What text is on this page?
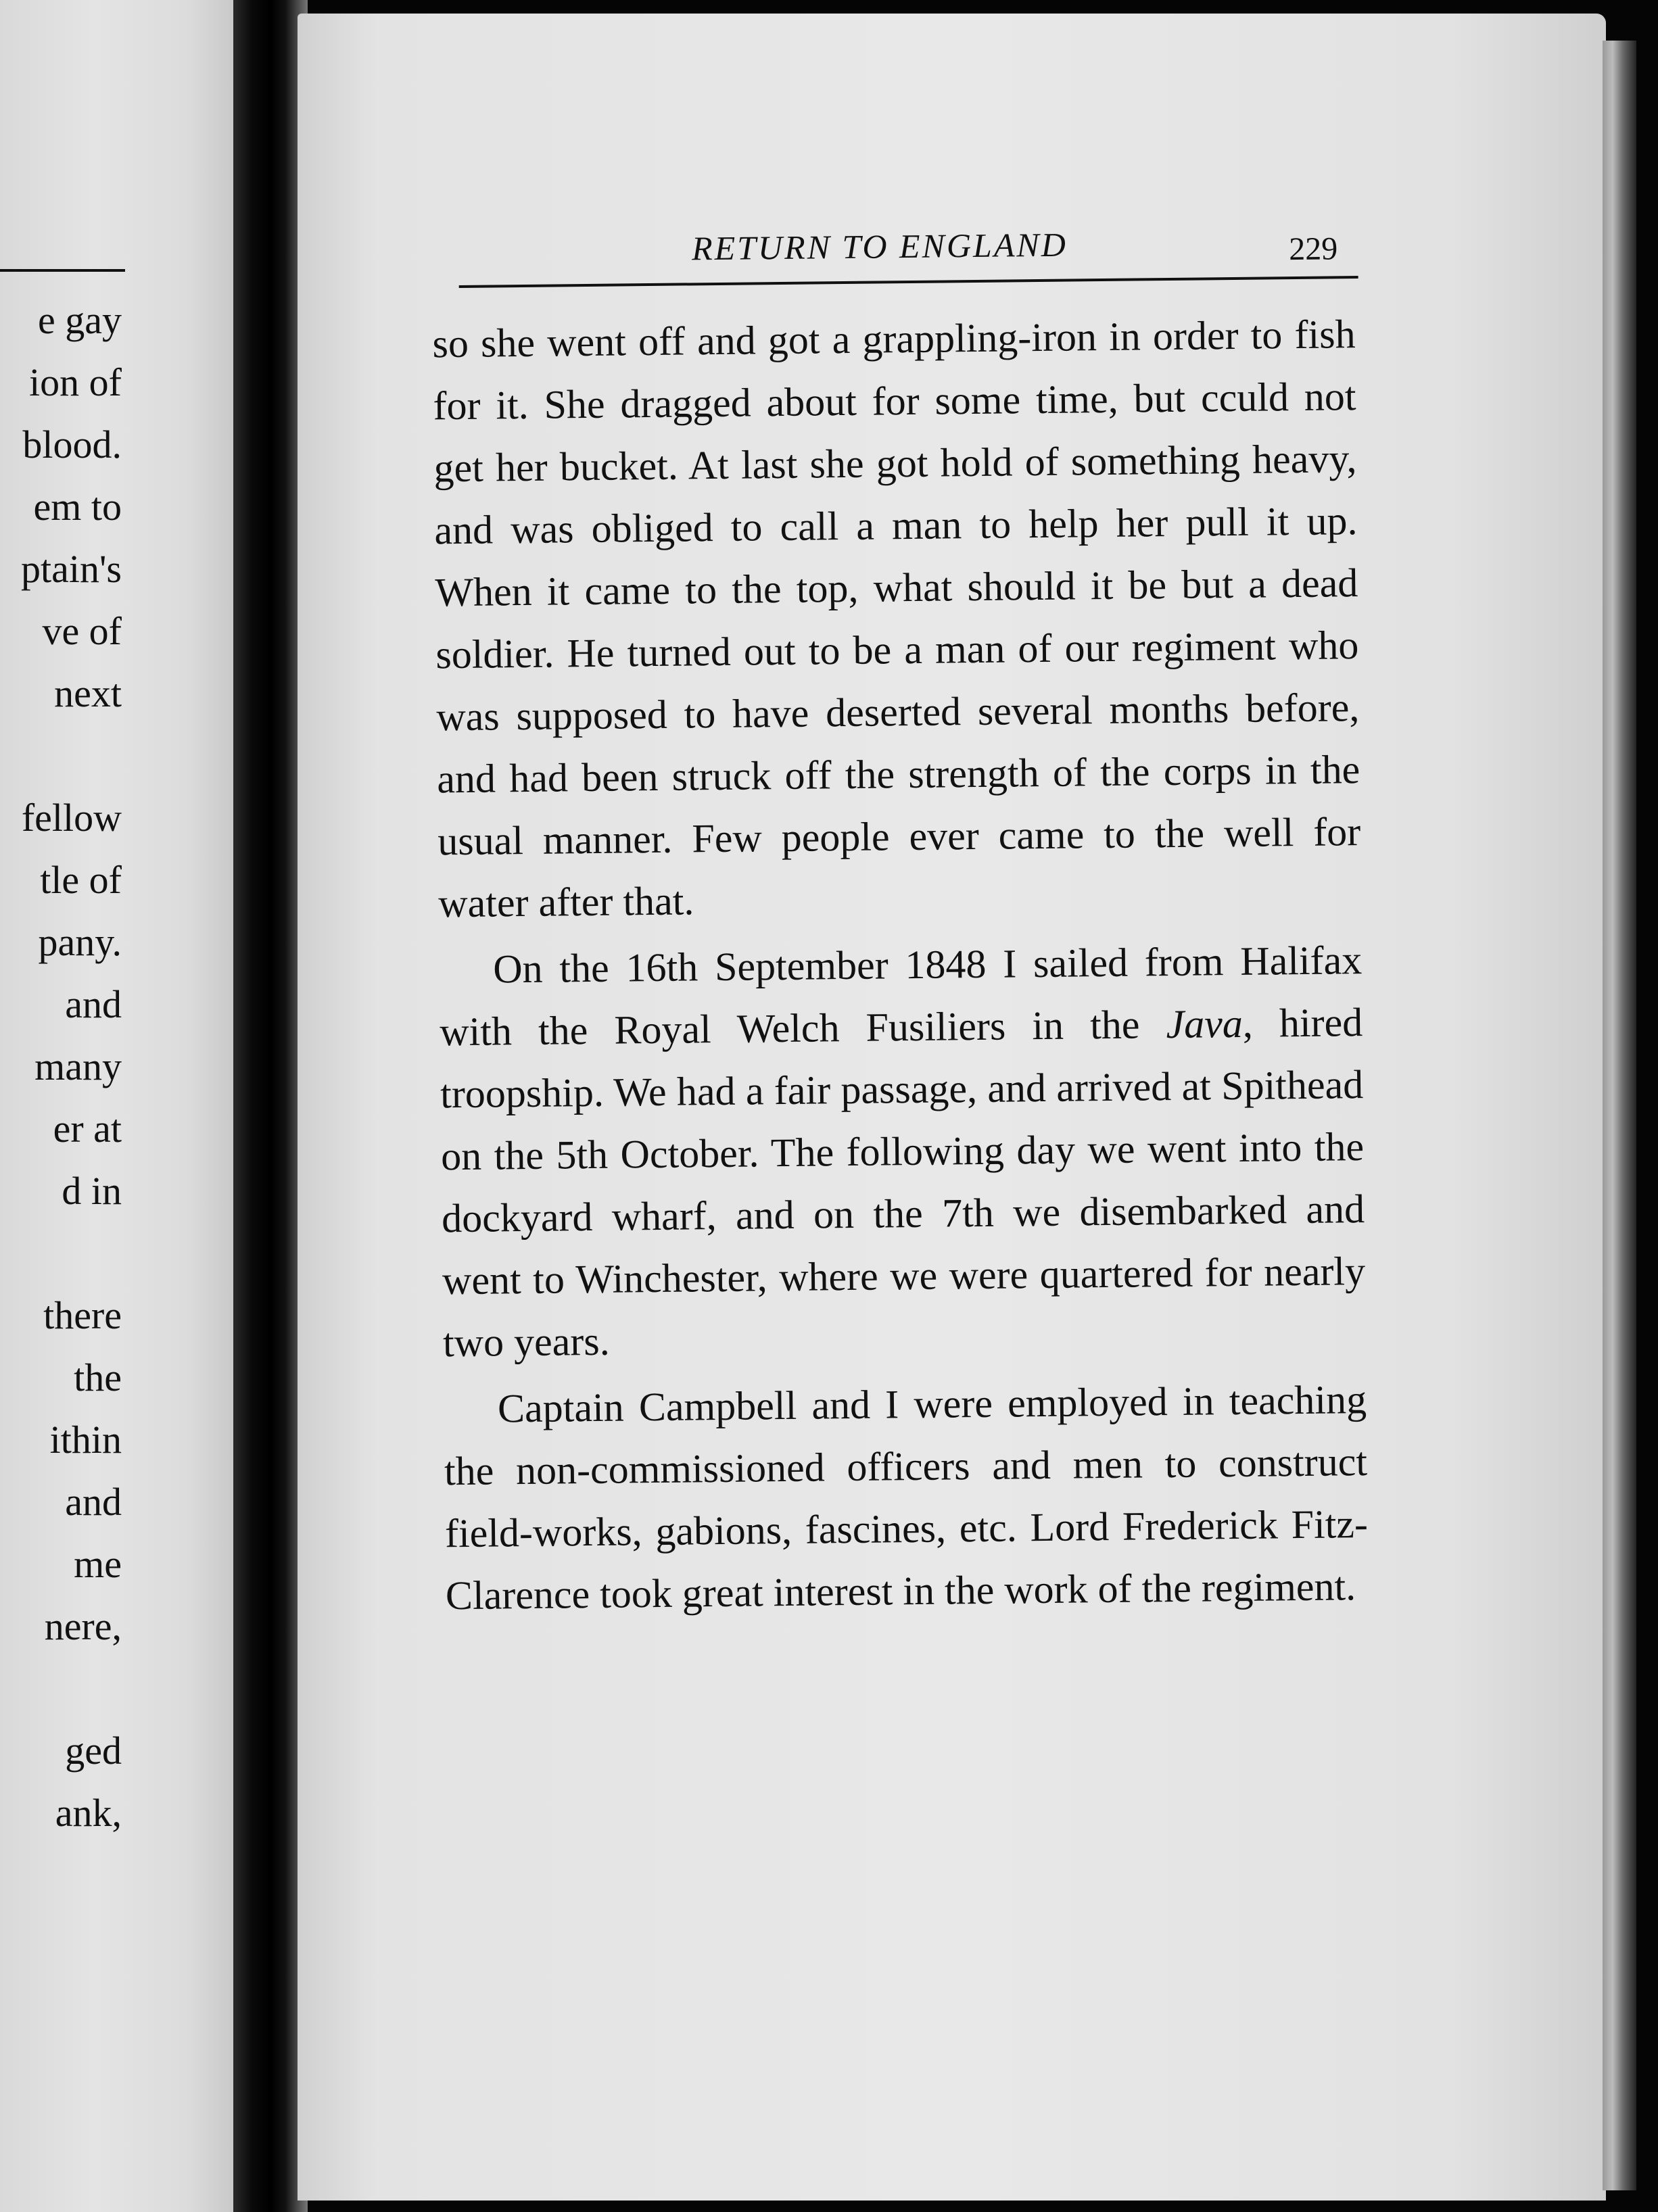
e gay
ion of
blood.
em to
ptain's
ve of
next
fellow
tle of
pany.
and
many
er at
d in
there
the
ithin
and
me
nere,
ged
ank,
RETURN TO ENGLAND	229

so she went off and got a grappling-iron in order to fish for it. She dragged about for some time, but cculd not get her bucket. At last she got hold of something heavy, and was obliged to call a man to help her pull it up. When it came to the top, what should it be but a dead soldier. He turned out to be a man of our regiment who was supposed to have deserted several months before, and had been struck off the strength of the corps in the usual manner. Few people ever came to the well for water after that.

On the 16th September 1848 I sailed from Halifax with the Royal Welch Fusiliers in the Java, hired troopship. We had a fair passage, and arrived at Spithead on the 5th October. The following day we went into the dockyard wharf, and on the 7th we disembarked and went to Winchester, where we were quartered for nearly two years.

Captain Campbell and I were employed in teaching the non-commissioned officers and men to construct field-works, gabions, fascines, etc. Lord Frederick Fitz-Clarence took great interest in the work of the regiment.
